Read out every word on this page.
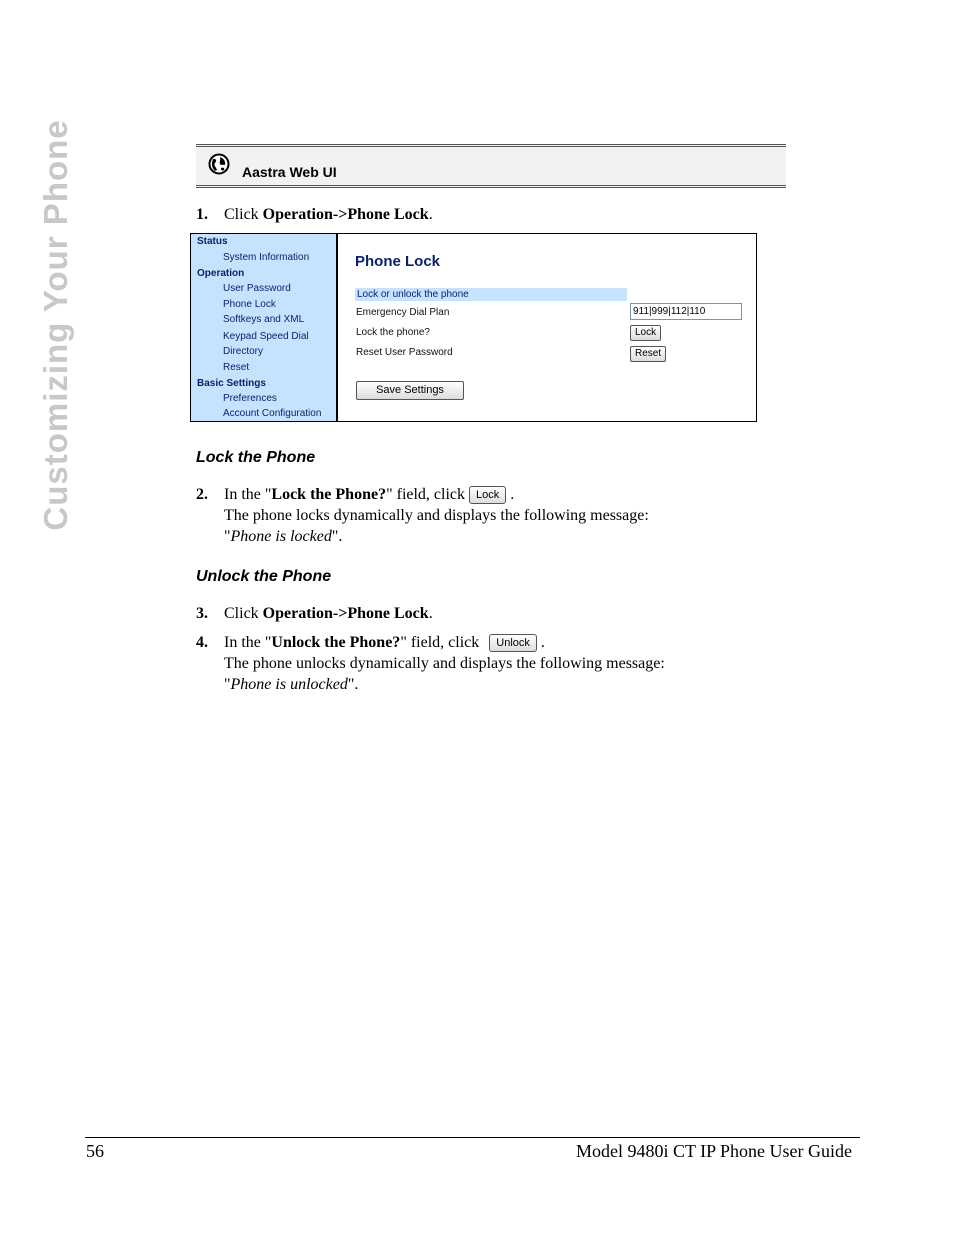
Customizing Your Phone	Aastra Web UI
1. Click Operation->Phone Lock.
Status
System Information
Operation
User Password
Phone Lock
Softkeys and XML
Keypad Speed Dial
Directory
Reset
Basic Settings
Preferences
Account Configuration
Phone Lock
Lock or unlock the phone
Emergency Dial Plan	911|999|112|110
Lock the phone?	Lock
Reset User Password	Reset
Save Settings
Lock the Phone
2. In the "Lock the Phone?" field, click Lock .
The phone locks dynamically and displays the following message:
"Phone is locked".
Unlock the Phone
3. Click Operation->Phone Lock.
4. In the "Unlock the Phone?" field, click Unlock .
The phone unlocks dynamically and displays the following message:
"Phone is unlocked".
56	Model 9480i CT IP Phone User Guide
